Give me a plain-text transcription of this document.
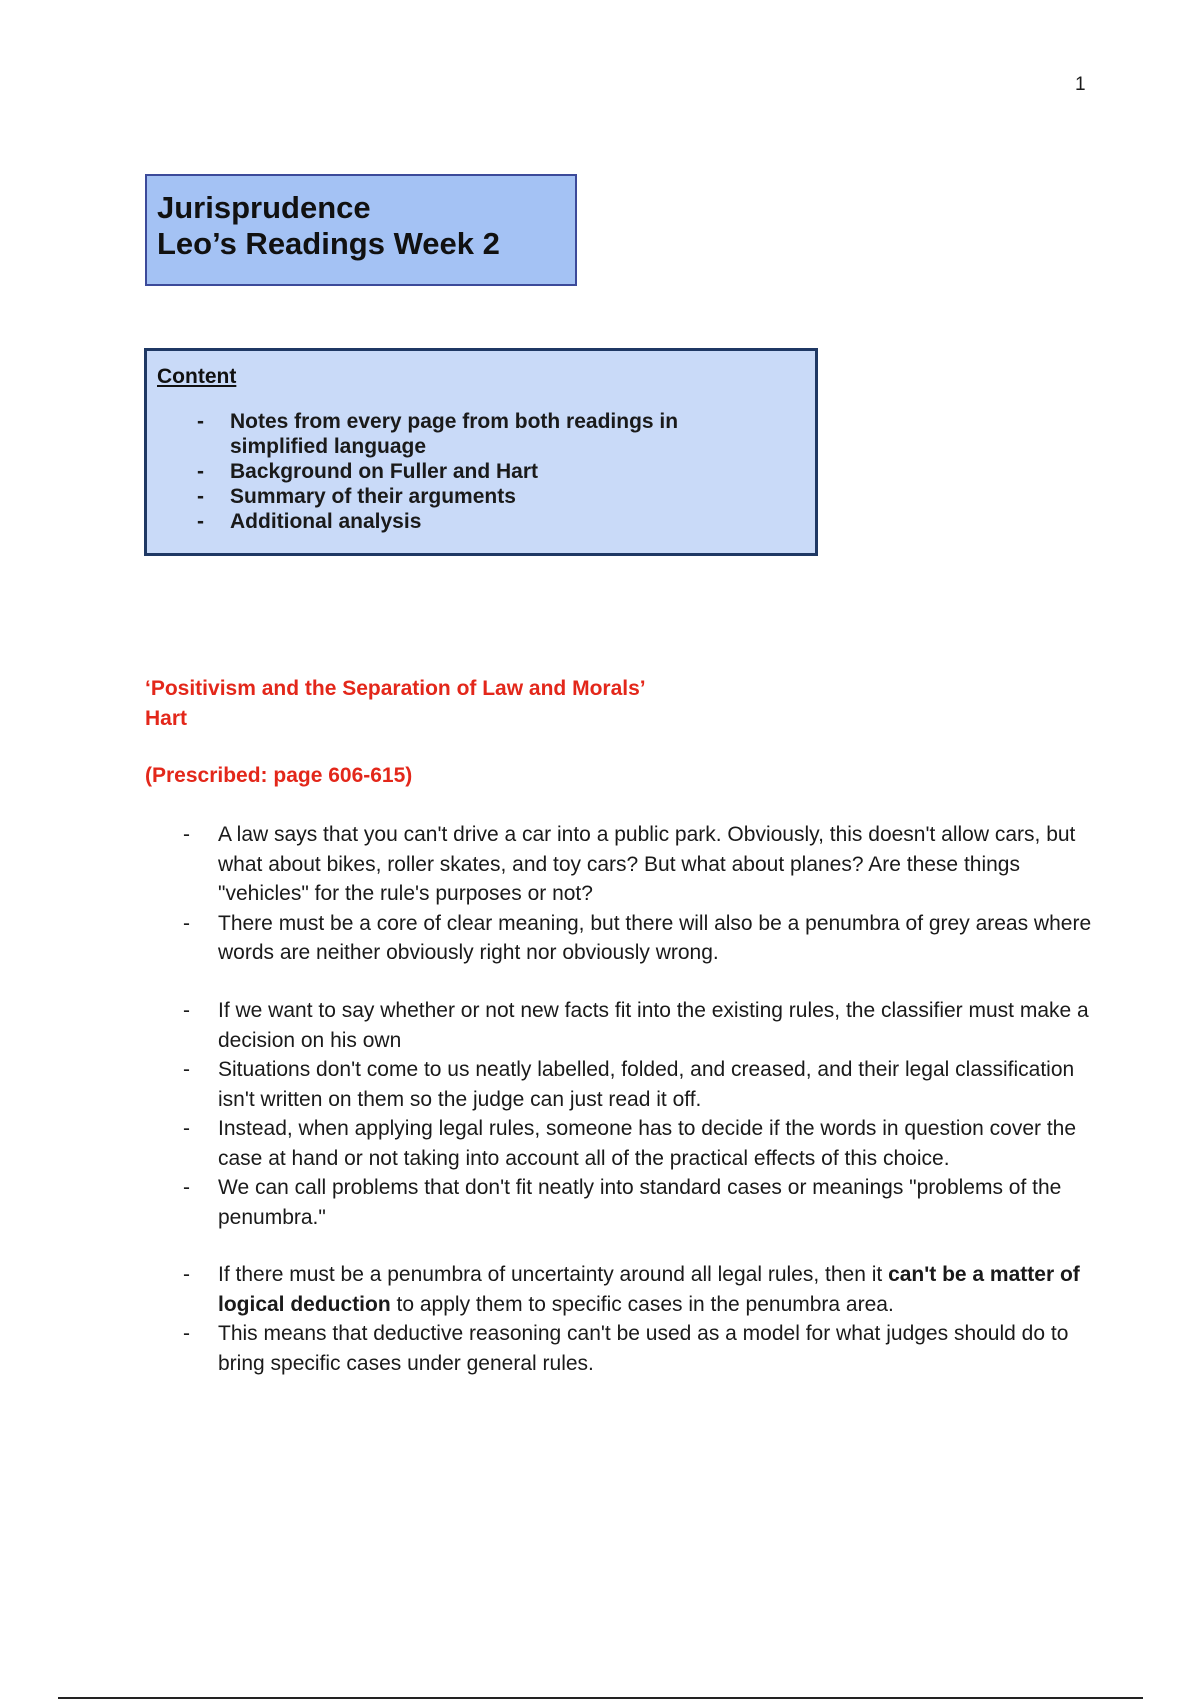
1
Jurisprudence
Leo’s Readings Week 2
Content
- Notes from every page from both readings in simplified language
- Background on Fuller and Hart
- Summary of their arguments
- Additional analysis
‘Positivism and the Separation of Law and Morals’
Hart
(Prescribed: page 606-615)
- A law says that you can't drive a car into a public park. Obviously, this doesn't allow cars, but what about bikes, roller skates, and toy cars? But what about planes? Are these things "vehicles" for the rule's purposes or not?
- There must be a core of clear meaning, but there will also be a penumbra of grey areas where words are neither obviously right nor obviously wrong.
- If we want to say whether or not new facts fit into the existing rules, the classifier must make a decision on his own
- Situations don't come to us neatly labelled, folded, and creased, and their legal classification isn't written on them so the judge can just read it off.
- Instead, when applying legal rules, someone has to decide if the words in question cover the case at hand or not taking into account all of the practical effects of this choice.
- We can call problems that don't fit neatly into standard cases or meanings "problems of the penumbra."
- If there must be a penumbra of uncertainty around all legal rules, then it can't be a matter of logical deduction to apply them to specific cases in the penumbra area.
- This means that deductive reasoning can't be used as a model for what judges should do to bring specific cases under general rules.
